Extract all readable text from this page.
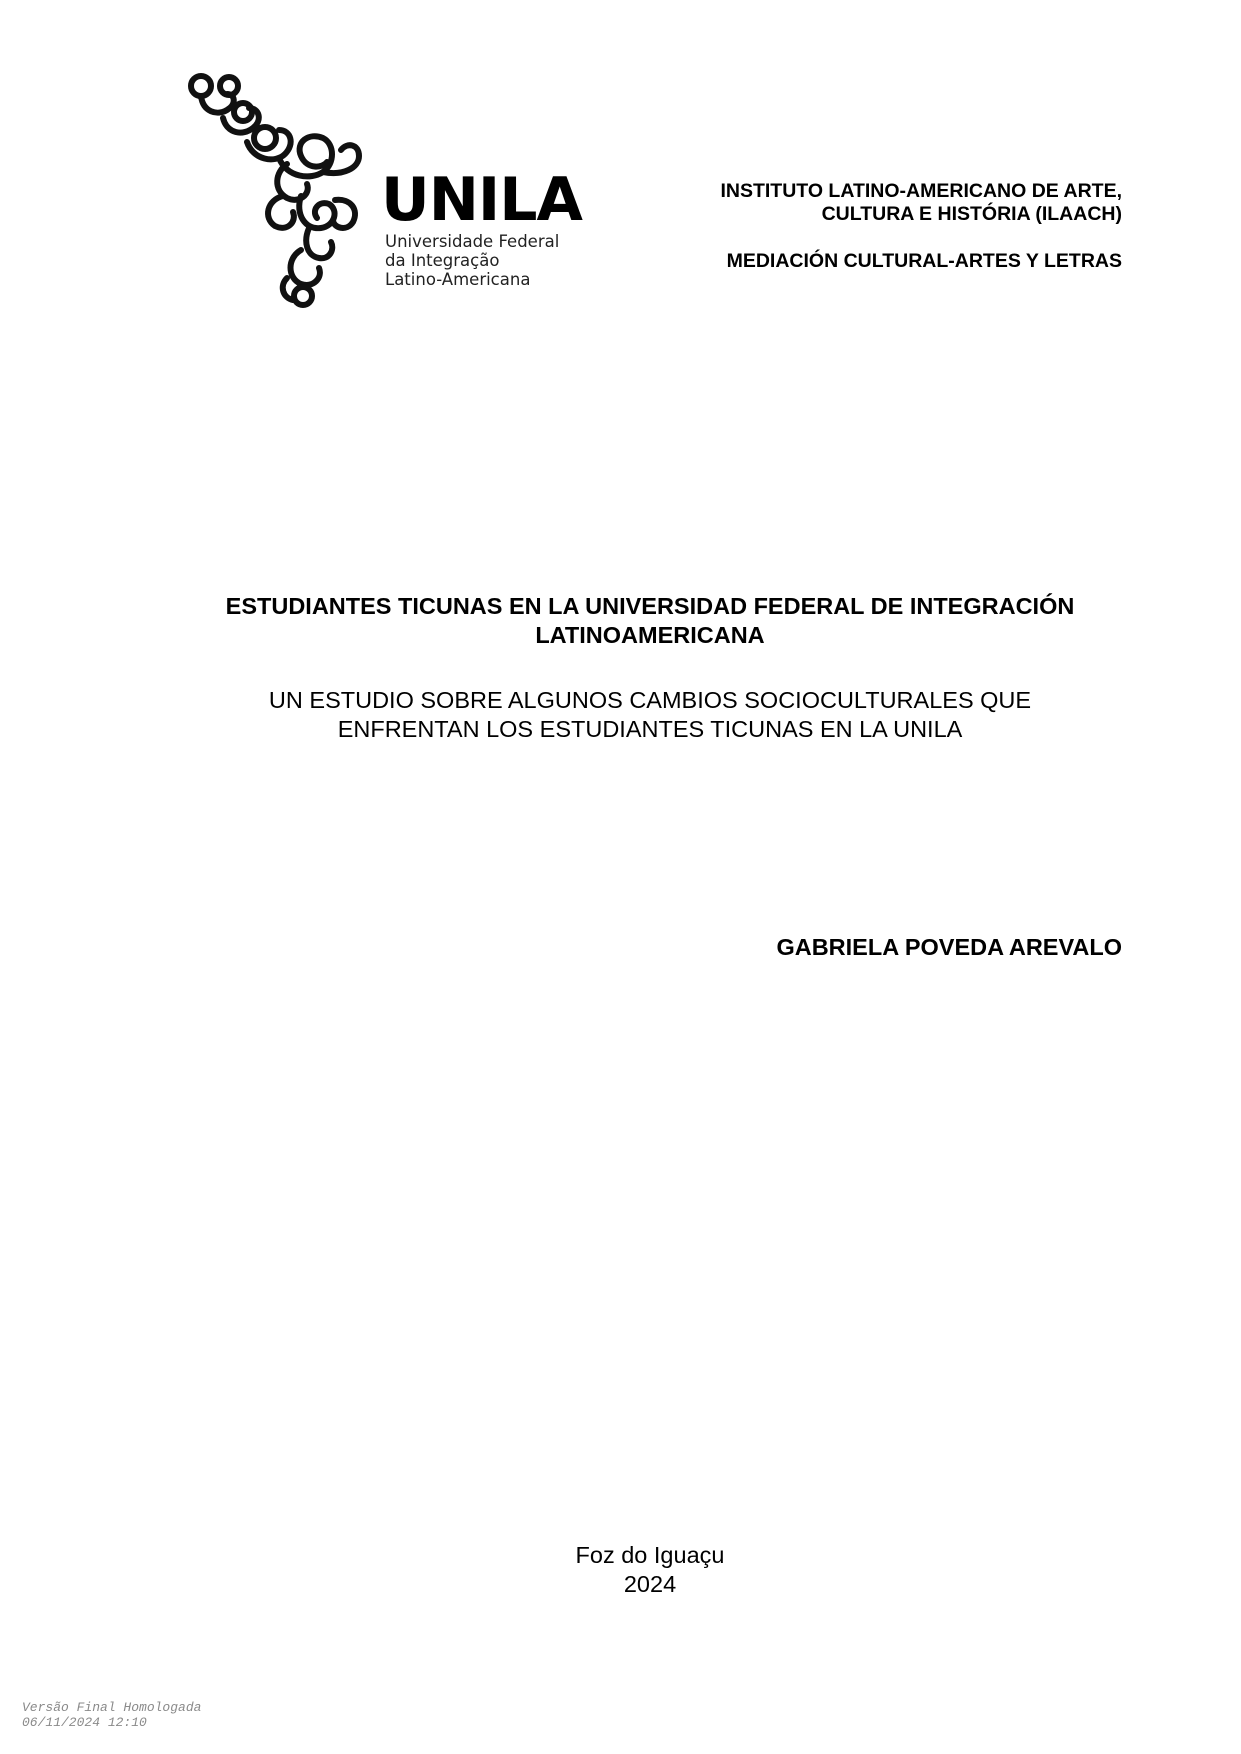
UNILA
Universidade Federal
da Integração
Latino-Americana
INSTITUTO LATINO-AMERICANO DE ARTE,
CULTURA E HISTÓRIA (ILAACH)
MEDIACIÓN CULTURAL-ARTES Y LETRAS
ESTUDIANTES TICUNAS EN LA UNIVERSIDAD FEDERAL DE INTEGRACIÓN
LATINOAMERICANA
UN ESTUDIO SOBRE ALGUNOS CAMBIOS SOCIOCULTURALES QUE
ENFRENTAN LOS ESTUDIANTES TICUNAS EN LA UNILA
GABRIELA POVEDA AREVALO
Foz do Iguaçu
2024
Versão Final Homologada
06/11/2024 12:10
